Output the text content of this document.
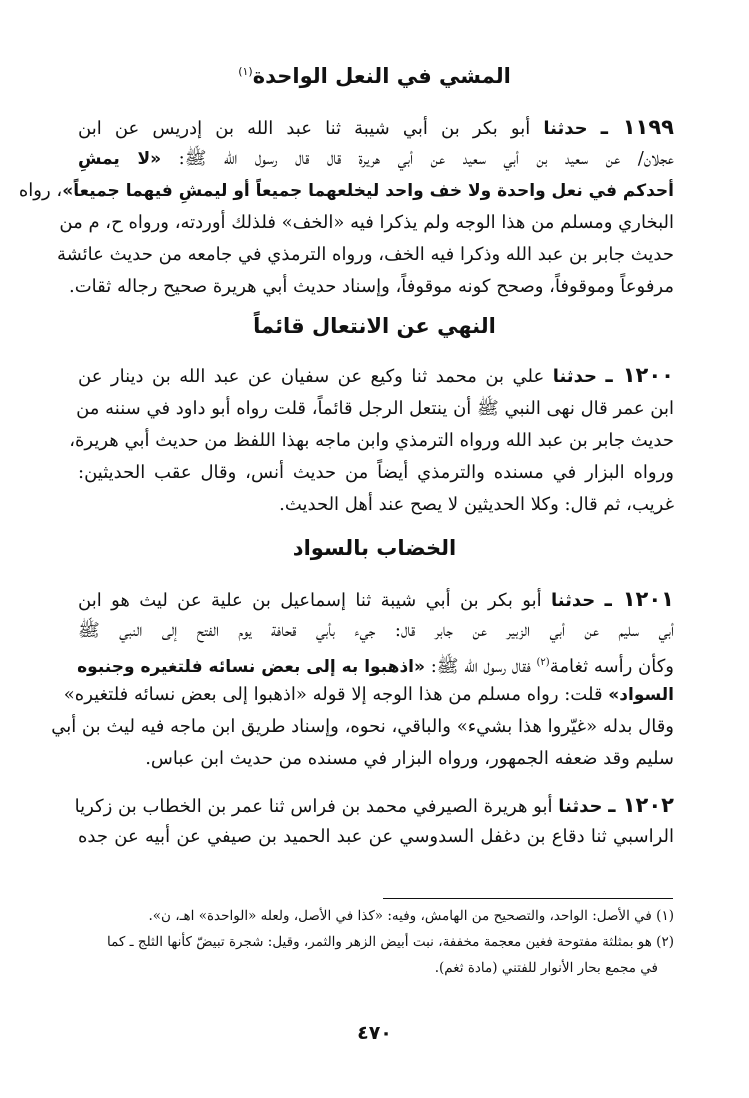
المشي في النعل الواحدة$^{(١)}$

١١٩٩ ـ حدثنا أبو بكر بن أبي شيبة ثنا عبد الله بن إدريس عن ابن

عجلان/ عن سعيد بن أبي سعيد عن أبي هريرة قال قال رسول الله ﷺ: «لا يمشِ

أحدكم في نعل واحدة ولا خف واحد ليخلعهما جميعاً أو ليمشِ فيهما جميعاً»، رواه

البخاري ومسلم من هذا الوجه ولم يذكرا فيه «الخف» فلذلك أوردته، ورواه ح، م من

حديث جابر بن عبد الله وذكرا فيه الخف، ورواه الترمذي في جامعه من حديث عائشة

مرفوعاً وموقوفاً، وصحح كونه موقوفاً، وإسناد حديث أبي هريرة صحيح رجاله ثقات.

النهي عن الانتعال قائماً

١٢٠٠ ـ حدثنا علي بن محمد ثنا وكيع عن سفيان عن عبد الله بن دينار عن

ابن عمر قال نهى النبي ﷺ أن ينتعل الرجل قائماً، قلت رواه أبو داود في سننه من

حديث جابر بن عبد الله ورواه الترمذي وابن ماجه بهذا اللفظ من حديث أبي هريرة،

ورواه البزار في مسنده والترمذي أيضاً من حديث أنس، وقال عقب الحديثين:

غريب، ثم قال: وكلا الحديثين لا يصح عند أهل الحديث.

الخضاب بالسواد

١٢٠١ ـ حدثنا أبو بكر بن أبي شيبة ثنا إسماعيل بن علية عن ليث هو ابن

أبي سليم عن أبي الزبير عن جابر قال: جيء بأبي قحافة يوم الفتح إلى النبي ﷺ

وكأن رأسه ثغامة$^{(٢)}$ فقال رسول الله ﷺ: «اذهبوا به إلى بعض نسائه فلتغيره وجنبوه

السواد» قلت: رواه مسلم من هذا الوجه إلا قوله «اذهبوا إلى بعض نسائه فلتغيره»

وقال بدله «غيّروا هذا بشيء» والباقي، نحوه، وإسناد طريق ابن ماجه فيه ليث بن أبي

سليم وقد ضعفه الجمهور، ورواه البزار في مسنده من حديث ابن عباس.

١٢٠٢ ـ حدثنا أبو هريرة الصيرفي محمد بن فراس ثنا عمر بن الخطاب بن زكريا

الراسبي ثنا دقاع بن دغفل السدوسي عن عبد الحميد بن صيفي عن أبيه عن جده

(١) في الأصل: الواحد، والتصحيح من الهامش، وفيه: «كذا في الأصل، ولعله «الواحدة» اهـ، ن».

(٢) هو بمثلثة مفتوحة فغين معجمة مخففة، نبت أبيض الزهر والثمر، وقيل: شجرة تبيضّ كأنها الثلج ـ كما

في مجمع بحار الأنوار للفتني (مادة ثغم).

٤٧٠
